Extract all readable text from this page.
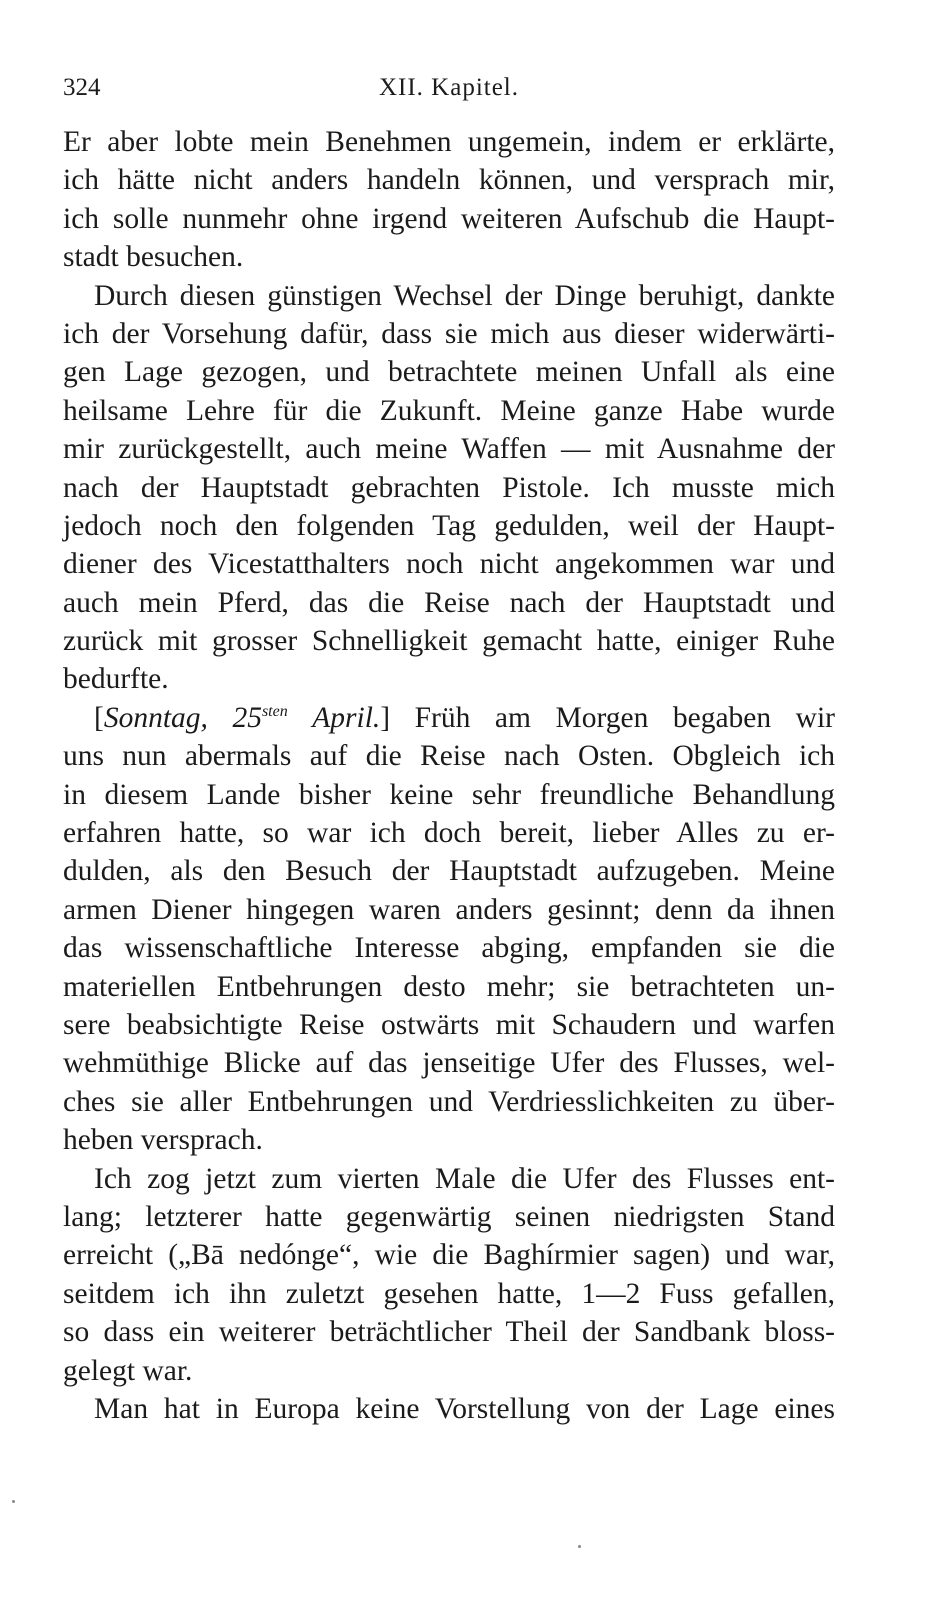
324	XII. Kapitel.
Er aber lobte mein Benehmen ungemein, indem er erklärte,
ich hätte nicht anders handeln können, und versprach mir,
ich solle nunmehr ohne irgend weiteren Aufschub die Haupt-
stadt besuchen.
Durch diesen günstigen Wechsel der Dinge beruhigt, dankte
ich der Vorsehung dafür, dass sie mich aus dieser widerwärti-
gen Lage gezogen, und betrachtete meinen Unfall als eine
heilsame Lehre für die Zukunft. Meine ganze Habe wurde
mir zurückgestellt, auch meine Waffen — mit Ausnahme der
nach der Hauptstadt gebrachten Pistole. Ich musste mich
jedoch noch den folgenden Tag gedulden, weil der Haupt-
diener des Vicestatthalters noch nicht angekommen war und
auch mein Pferd, das die Reise nach der Hauptstadt und
zurück mit grosser Schnelligkeit gemacht hatte, einiger Ruhe
bedurfte.
[Sonntag, $25^{sten}$ April.] Früh am Morgen begaben wir
uns nun abermals auf die Reise nach Osten. Obgleich ich
in diesem Lande bisher keine sehr freundliche Behandlung
erfahren hatte, so war ich doch bereit, lieber Alles zu er-
dulden, als den Besuch der Hauptstadt aufzugeben. Meine
armen Diener hingegen waren anders gesinnt; denn da ihnen
das wissenschaftliche Interesse abging, empfanden sie die
materiellen Entbehrungen desto mehr; sie betrachteten un-
sere beabsichtigte Reise ostwärts mit Schaudern und warfen
wehmüthige Blicke auf das jenseitige Ufer des Flusses, wel-
ches sie aller Entbehrungen und Verdriesslichkeiten zu über-
heben versprach.
Ich zog jetzt zum vierten Male die Ufer des Flusses ent-
lang; letzterer hatte gegenwärtig seinen niedrigsten Stand
erreicht („Bā nedónge“, wie die Baghírmier sagen) und war,
seitdem ich ihn zuletzt gesehen hatte, 1—2 Fuss gefallen,
so dass ein weiterer beträchtlicher Theil der Sandbank bloss-
gelegt war.
Man hat in Europa keine Vorstellung von der Lage eines
